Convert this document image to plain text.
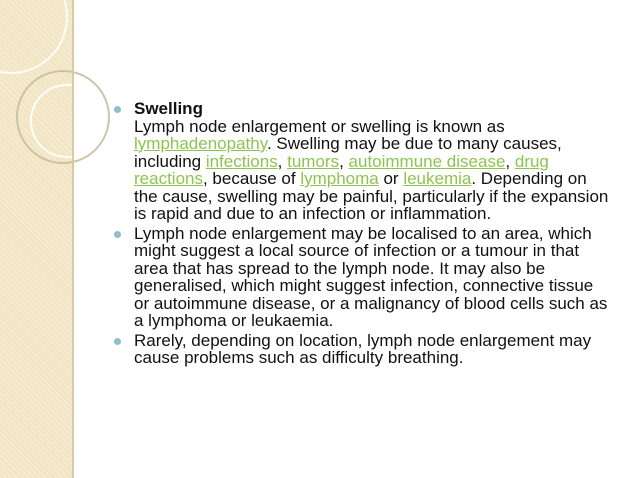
Swelling
Lymph node enlargement or swelling is known as lymphadenopathy. Swelling may be due to many causes, including infections, tumors, autoimmune disease, drug reactions, because of lymphoma or leukemia. Depending on the cause, swelling may be painful, particularly if the expansion is rapid and due to an infection or inflammation.
Lymph node enlargement may be localised to an area, which might suggest a local source of infection or a tumour in that area that has spread to the lymph node. It may also be generalised, which might suggest infection, connective tissue or autoimmune disease, or a malignancy of blood cells such as a lymphoma or leukaemia.
Rarely, depending on location, lymph node enlargement may cause problems such as difficulty breathing.
